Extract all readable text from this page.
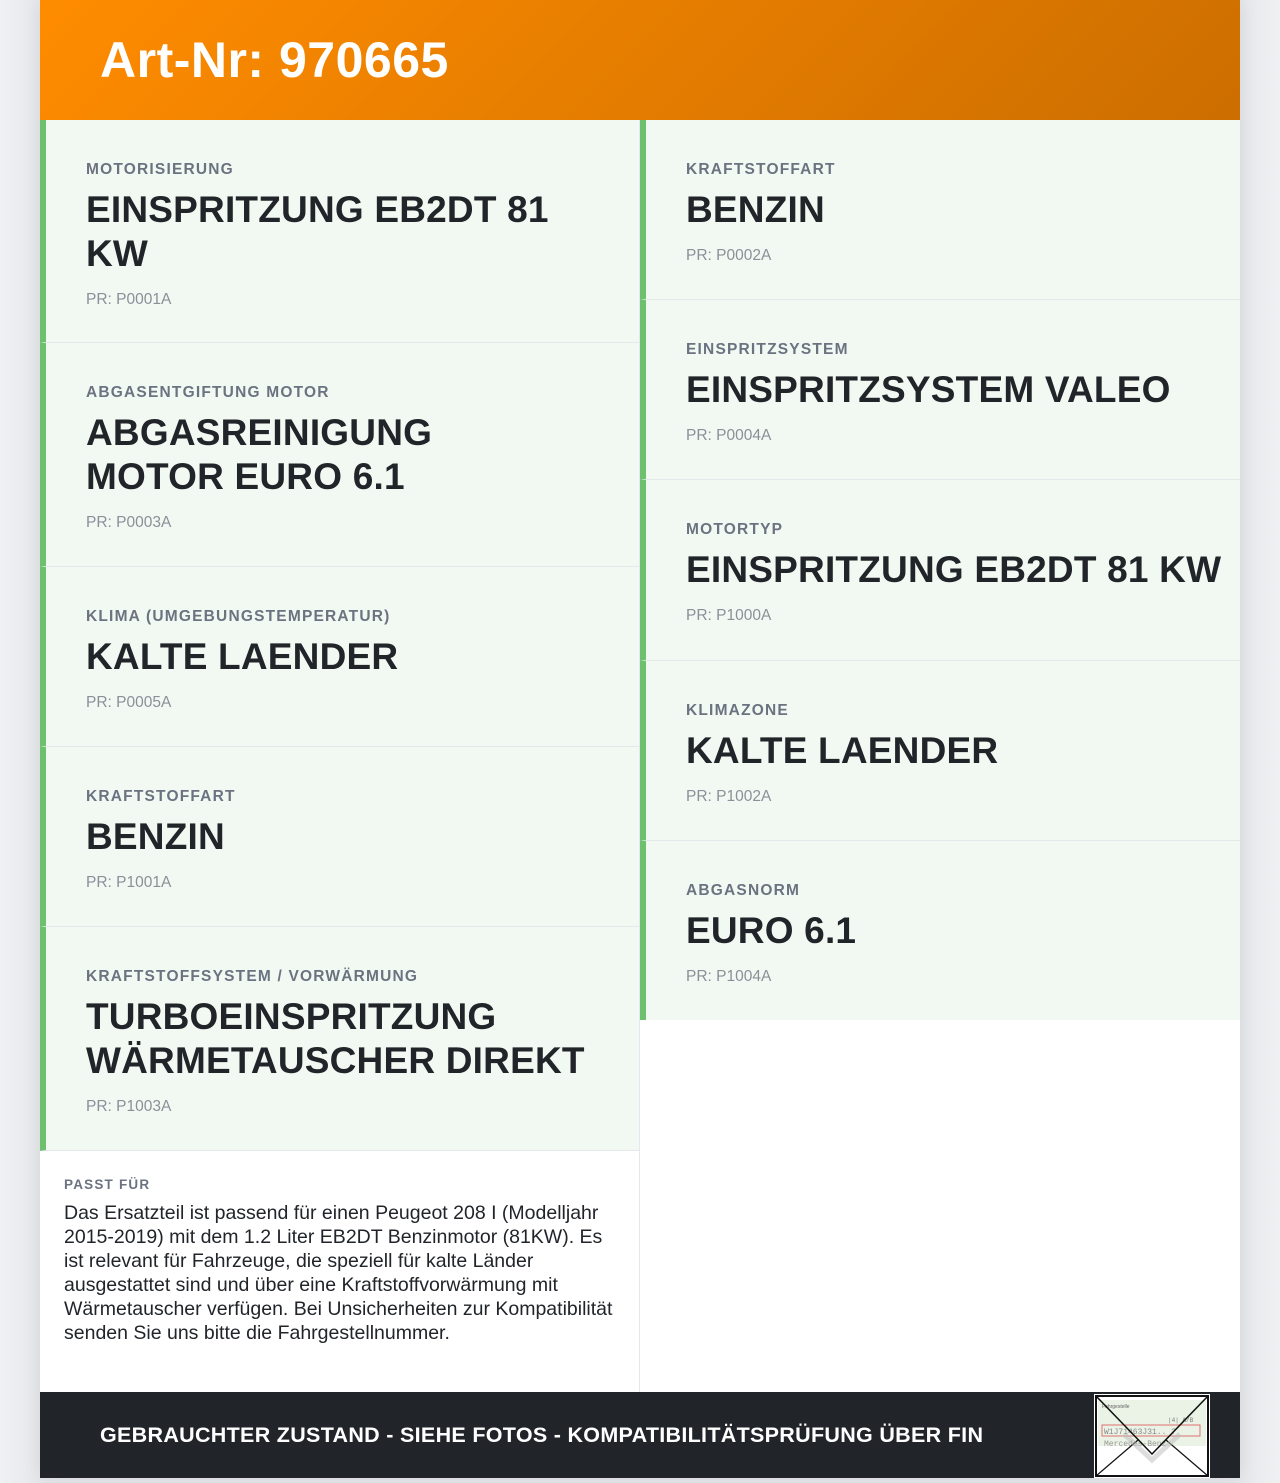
Art-Nr: 970665
MOTORISIERUNG
EINSPRITZUNG EB2DT 81 KW
PR: P0001A
ABGASENTGIFTUNG MOTOR
ABGASREINIGUNG MOTOR EURO 6.1
PR: P0003A
KLIMA (UMGEBUNGSTEMPERATUR)
KALTE LAENDER
PR: P0005A
KRAFTSTOFFART
BENZIN
PR: P1001A
KRAFTSTOFFSYSTEM / VORWÄRMUNG
TURBOEINSPRITZUNG WÄRMETAUSCHER DIREKT
PR: P1003A
PASST FÜR
Das Ersatzteil ist passend für einen Peugeot 208 I (Modelljahr 2015-2019) mit dem 1.2 Liter EB2DT Benzinmotor (81KW). Es ist relevant für Fahrzeuge, die speziell für kalte Länder ausgestattet sind und über eine Kraftstoffvorwärmung mit Wärmetauscher verfügen. Bei Unsicherheiten zur Kompatibilität senden Sie uns bitte die Fahrgestellnummer.
KRAFTSTOFFART
BENZIN
PR: P0002A
EINSPRITZSYSTEM
EINSPRITZSYSTEM VALEO
PR: P0004A
MOTORTYP
EINSPRITZUNG EB2DT 81 KW
PR: P1000A
KLIMAZONE
KALTE LAENDER
PR: P1002A
ABGASNORM
EURO 6.1
PR: P1004A
GEBRAUCHTER ZUSTAND - SIEHE FOTOS - KOMPATIBILITÄTSPRÜFUNG ÜBER FIN
Fahrgestelle
|4| A/B
W1J71463J31.. ?
Mercedes-Benz
